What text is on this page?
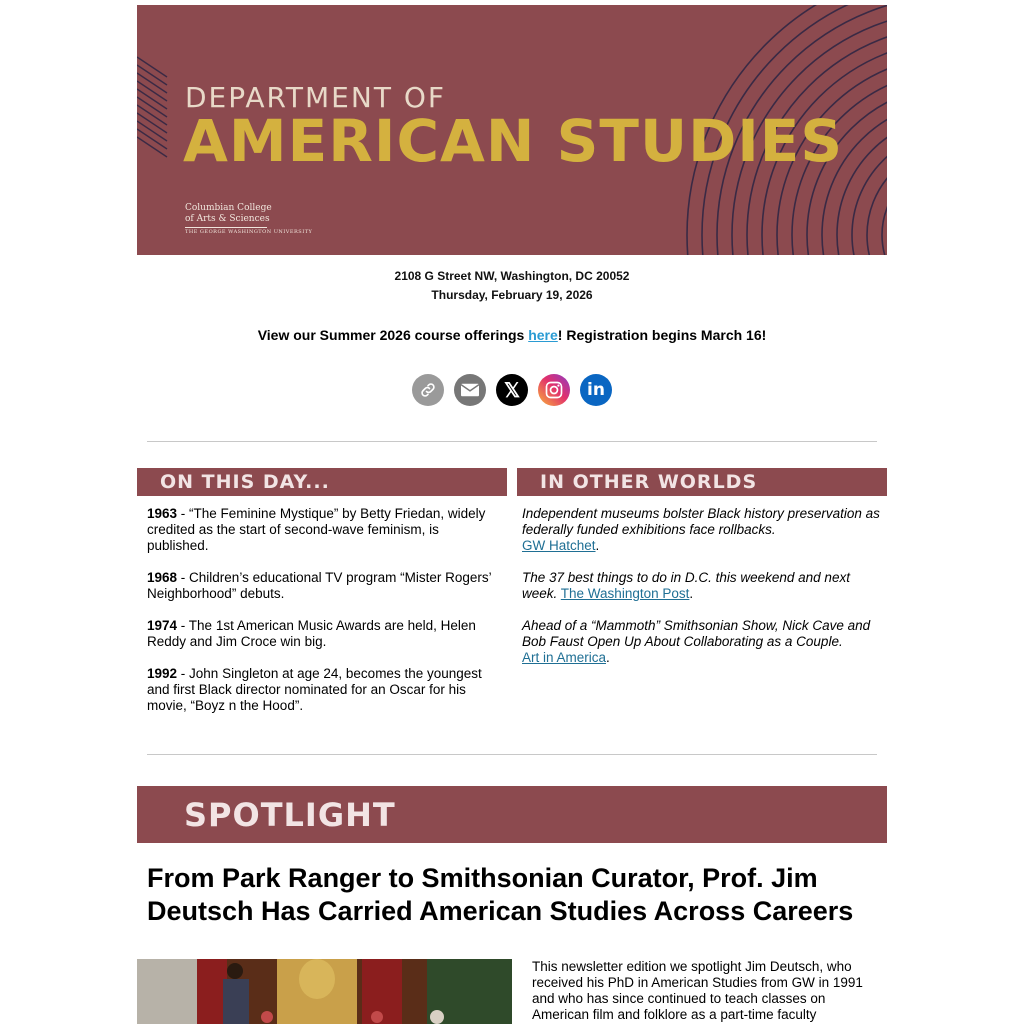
DEPARTMENT OF
AMERICAN STUDIES
Columbian College
of Arts & Sciences
THE GEORGE WASHINGTON UNIVERSITY
2108 G Street NW, Washington, DC 20052
Thursday, February 19, 2026
View our Summer 2026 course offerings here! Registration begins March 16!
𝕏	in
ON THIS DAY...

1963 - “The Feminine Mystique” by Betty Friedan, widely credited as the start of second-wave feminism, is published.

1968 - Children’s educational TV program “Mister Rogers’ Neighborhood” debuts.

1974 - The 1st American Music Awards are held, Helen Reddy and Jim Croce win big.

1992 - John Singleton at age 24, becomes the youngest and first Black director nominated for an Oscar for his movie, “Boyz n the Hood”.

IN OTHER WORLDS

Independent museums bolster Black history preservation as federally funded exhibitions face rollbacks.
GW Hatchet.

The 37 best things to do in D.C. this weekend and next week. The Washington Post.

Ahead of a “Mammoth” Smithsonian Show, Nick Cave and Bob Faust Open Up About Collaborating as a Couple.
Art in America.

SPOTLIGHT
From Park Ranger to Smithsonian Curator, Prof. Jim Deutsch Has Carried American Studies Across Careers
This newsletter edition we spotlight Jim Deutsch, who received his PhD in American Studies from GW in 1991 and who has since continued to teach classes on American film and folklore as a part-time faculty
